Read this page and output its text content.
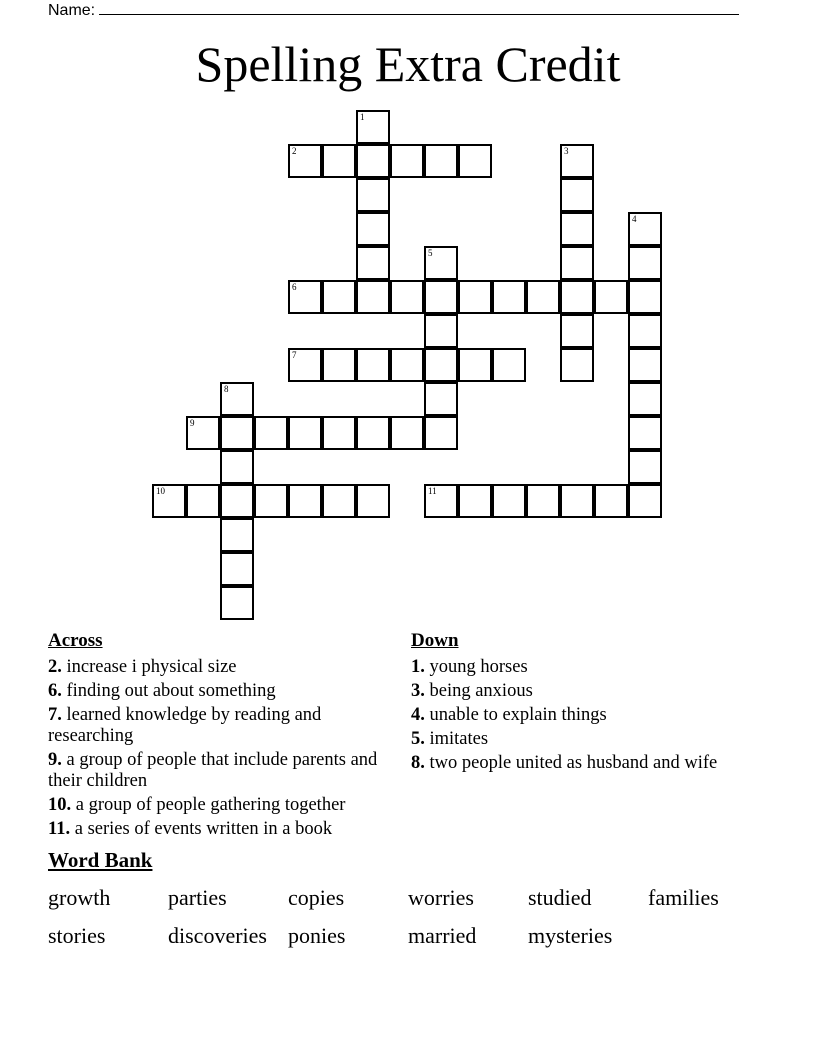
Name:
Spelling Extra Credit
1
2	3
4
5
6
7
8
9
10	11
Across
2. increase i physical size
6. finding out about something
7. learned knowledge by reading and researching
9. a group of people that include parents and their children
10. a group of people gathering together
11. a series of events written in a book
Down
1. young horses
3. being anxious
4. unable to explain things
5. imitates
8. two people united as husband and wife
Word Bank
growth	parties	copies	worries studied	families
stories	discoveries ponies	married mysteries
